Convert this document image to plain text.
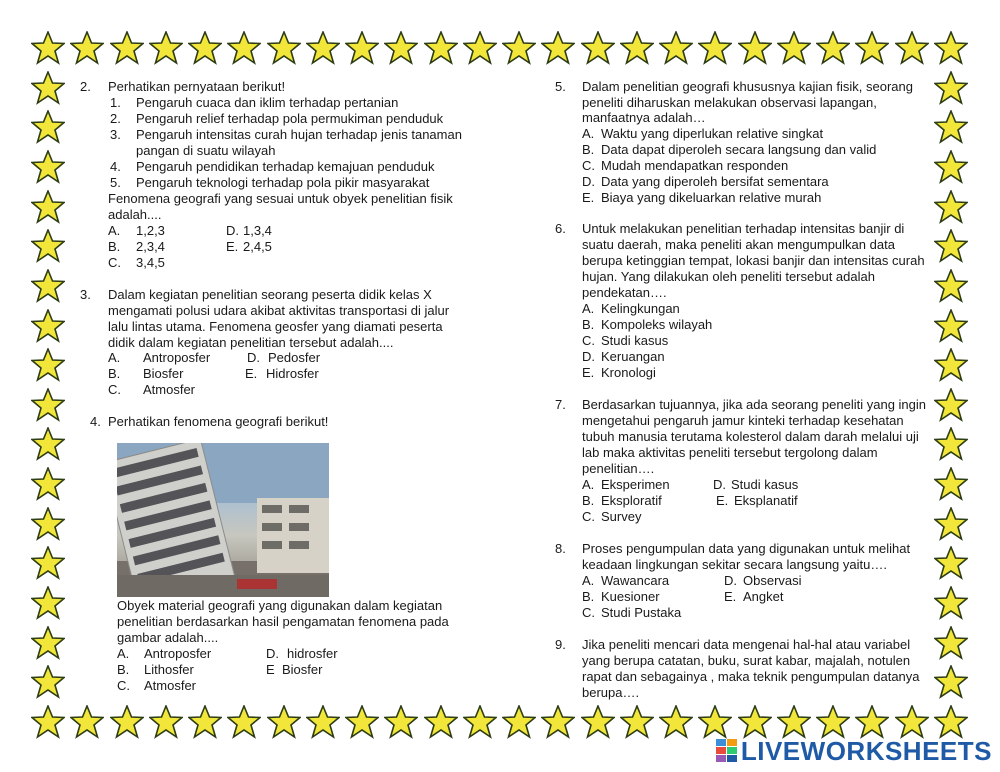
2. Perhatikan pernyataan berikut!
1. Pengaruh cuaca dan iklim terhadap pertanian
2. Pengaruh relief terhadap pola permukiman penduduk
3. Pengaruh intensitas curah hujan terhadap jenis tanaman
pangan di suatu wilayah
4. Pengaruh pendidikan terhadap kemajuan penduduk
5. Pengaruh teknologi terhadap pola pikir masyarakat
Fenomena geografi yang sesuai untuk obyek penelitian fisik
adalah....
A. 1,2,3	D. 1,3,4
B. 2,3,4	E. 2,4,5
C. 3,4,5
3. Dalam kegiatan penelitian seorang peserta didik kelas X
mengamati polusi udara akibat aktivitas transportasi di jalur
lalu lintas utama. Fenomena geosfer yang diamati peserta
didik dalam kegiatan penelitian tersebut adalah....
A. Antroposfer	D. Pedosfer
B. Biosfer	E. Hidrosfer
C. Atmosfer
4. Perhatikan fenomena geografi berikut!
Obyek material geografi yang digunakan dalam kegiatan
penelitian berdasarkan hasil pengamatan fenomena pada
gambar adalah....
A. Antroposfer	D. hidrosfer
B. Lithosfer	E Biosfer
C. Atmosfer
5. Dalam penelitian geografi khususnya kajian fisik, seorang
peneliti diharuskan melakukan observasi lapangan,
manfaatnya adalah…
A. Waktu yang diperlukan relative singkat
B. Data dapat diperoleh secara langsung dan valid
C. Mudah mendapatkan responden
D. Data yang diperoleh bersifat sementara
E. Biaya yang dikeluarkan relative murah
6. Untuk melakukan penelitian terhadap intensitas banjir di
suatu daerah, maka peneliti akan mengumpulkan data
berupa ketinggian tempat, lokasi banjir dan intensitas curah
hujan. Yang dilakukan oleh peneliti tersebut adalah
pendekatan….
A. Kelingkungan
B. Kompoleks wilayah
C. Studi kasus
D. Keruangan
E. Kronologi
7. Berdasarkan tujuannya, jika ada seorang peneliti yang ingin
mengetahui pengaruh jamur kinteki terhadap kesehatan
tubuh manusia terutama kolesterol dalam darah melalui uji
lab maka aktivitas peneliti tersebut tergolong dalam
penelitian….
A. Eksperimen	D. Studi kasus
B. Eksploratif	E. Eksplanatif
C. Survey
8. Proses pengumpulan data yang digunakan untuk melihat
keadaan lingkungan sekitar secara langsung yaitu….
A. Wawancara	D. Observasi
B. Kuesioner	E. Angket
C. Studi Pustaka
9. Jika peneliti mencari data mengenai hal-hal atau variabel
yang berupa catatan, buku, surat kabar, majalah, notulen
rapat dan sebagainya , maka teknik pengumpulan datanya
berupa….
LIVEWORKSHEETS
